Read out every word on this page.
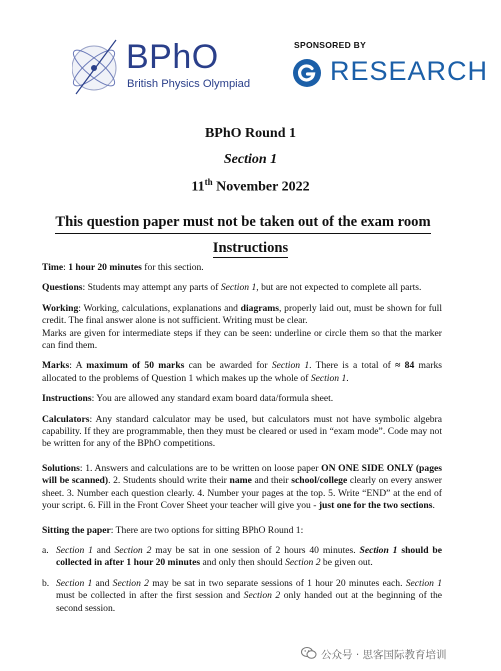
BPhO
British Physics Olympiad
SPONSORED BY
RESEARCH
BPhO Round 1
Section 1
11th November 2022
This question paper must not be taken out of the exam room
Instructions

Time: 1 hour 20 minutes for this section.

Questions: Students may attempt any parts of Section 1, but are not expected to complete all parts.

Working: Working, calculations, explanations and diagrams, properly laid out, must be shown for full credit. The final answer alone is not sufficient. Writing must be clear.

Marks are given for intermediate steps if they can be seen: underline or circle them so that the marker can find them.

Marks: A maximum of 50 marks can be awarded for Section 1. There is a total of ≈ 84 marks allocated to the problems of Question 1 which makes up the whole of Section 1.

Instructions: You are allowed any standard exam board data/formula sheet.

Calculators: Any standard calculator may be used, but calculators must not have symbolic algebra capability. If they are programmable, then they must be cleared or used in “exam mode”. Code may not be written for any of the BPhO competitions.

Solutions: 1. Answers and calculations are to be written on loose paper ON ONE SIDE ONLY (pages will be scanned). 2. Students should write their name and their school/college clearly on every answer sheet. 3. Number each question clearly. 4. Number your pages at the top. 5. Write “END” at the end of your script. 6. Fill in the Front Cover Sheet your teacher will give you - just one for the two sections.

Sitting the paper: There are two options for sitting BPhO Round 1:

a. Section 1 and Section 2 may be sat in one session of 2 hours 40 minutes. Section 1 should be collected in after 1 hour 20 minutes and only then should Section 2 be given out.
b. Section 1 and Section 2 may be sat in two separate sessions of 1 hour 20 minutes each. Section 1 must be collected in after the first session and Section 2 only handed out at the beginning of the second session.
公众号 · 思客国际教育培训
